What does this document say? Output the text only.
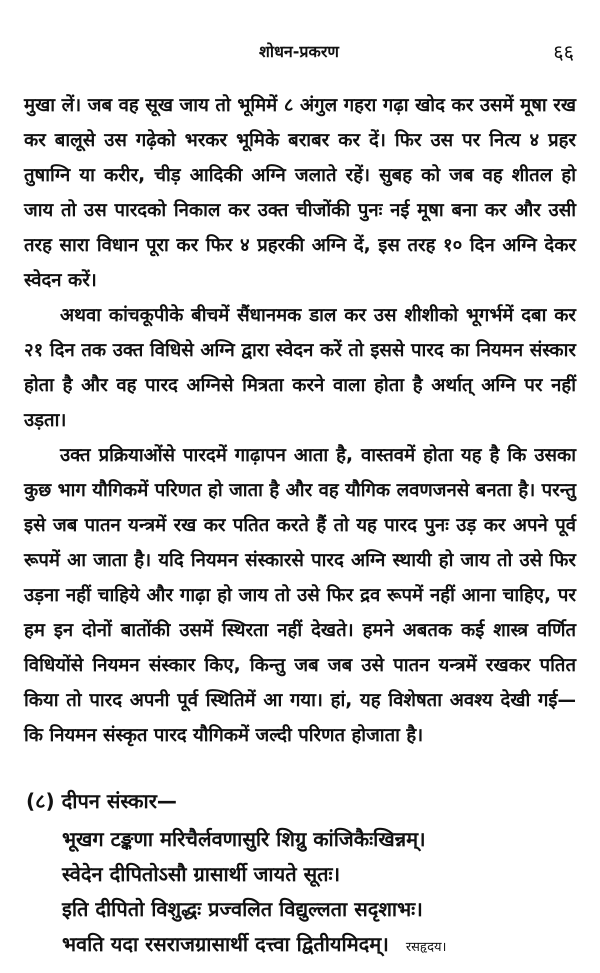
शोधन-प्रकरण	६६

मुखा लें। जब वह सूख जाय तो भूमिमें ८ अंगुल गहरा गढ़ा खोद कर उसमें मूषा रख कर बालूसे उस गढ़ेको भरकर भूमिके बराबर कर दें। फिर उस पर नित्य ४ प्रहर तुषाग्नि या करीर, चीड़ आदिकी अग्नि जलाते रहें। सुबह को जब वह शीतल हो जाय तो उस पारदको निकाल कर उक्त चीजोंकी पुनः नई मूषा बना कर और उसी तरह सारा विधान पूरा कर फिर ४ प्रहरकी अग्नि दें, इस तरह १० दिन अग्नि देकर स्वेदन करें।

अथवा कांचकूपीके बीचमें सैंधानमक डाल कर उस शीशीको भूगर्भमें दबा कर २१ दिन तक उक्त विधिसे अग्नि द्वारा स्वेदन करें तो इससे पारद का नियमन संस्कार होता है और वह पारद अग्निसे मित्रता करने वाला होता है अर्थात् अग्नि पर नहीं उड़ता।

उक्त प्रक्रियाओंसे पारदमें गाढ़ापन आता है, वास्तवमें होता यह है कि उसका कुछ भाग यौगिकमें परिणत हो जाता है और वह यौगिक लवणजनसे बनता है। परन्तु इसे जब पातन यन्त्रमें रख कर पतित करते हैं तो यह पारद पुनः उड़ कर अपने पूर्व रूपमें आ जाता है। यदि नियमन संस्कारसे पारद अग्नि स्थायी हो जाय तो उसे फिर उड़ना नहीं चाहिये और गाढ़ा हो जाय तो उसे फिर द्रव रूपमें नहीं आना चाहिए, पर हम इन दोनों बातोंकी उसमें स्थिरता नहीं देखते। हमने अबतक कई शास्त्र वर्णित विधियोंसे नियमन संस्कार किए, किन्तु जब जब उसे पातन यन्त्रमें रखकर पतित किया तो पारद अपनी पूर्व स्थितिमें आ गया। हां, यह विशेषता अवश्य देखी गई—कि नियमन संस्कृत पारद यौगिकमें जल्दी परिणत होजाता है।

(८) दीपन संस्कार—
भूखग टङ्कणा मरिचैर्लवणासुरि शिग्रु कांजिकैःखिन्नम्।
स्वेदेन दीपितोऽसौ ग्रासार्थी जायते सूतः।
इति दीपितो विशुद्धः प्रज्वलित विद्युल्लता सदृशाभः।
भवति यदा रसराजग्रासार्थी दत्त्वा द्वितीयमिदम्। रसहृदय।
